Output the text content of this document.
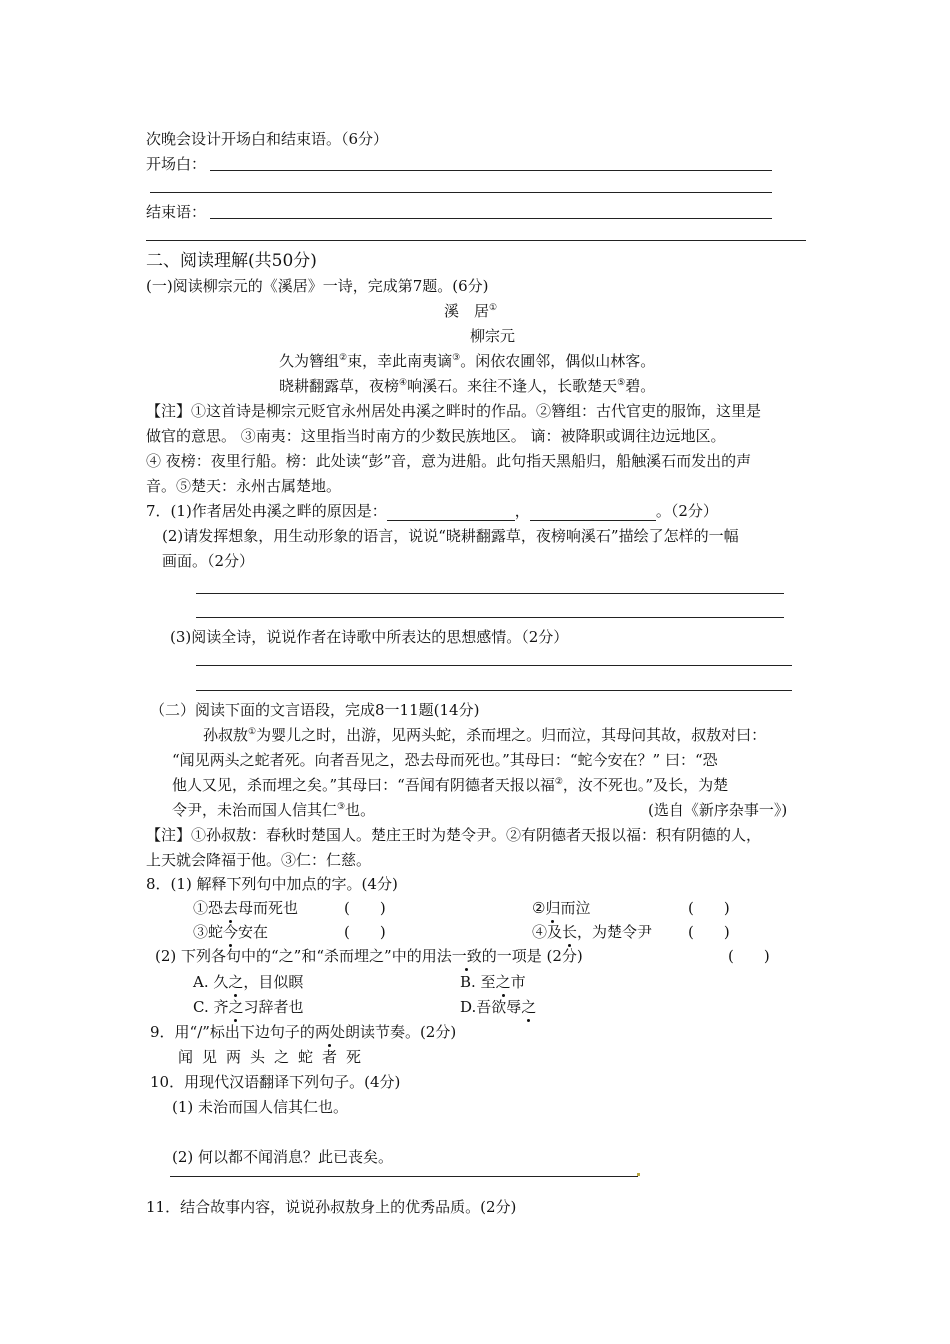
次晚会设计开场白和结束语。（6分）
开场白：
结束语：
二、阅读理解(共50分)
(一)阅读柳宗元的《溪居》一诗，完成第7题。(6分)
溪　居①
柳宗元
久为簪组②束，幸此南夷谪③。闲依农圃邻，偶似山林客。
晓耕翻露草，夜榜④响溪石。来往不逢人，长歌楚天⑤碧。
【注】①这首诗是柳宗元贬官永州居处冉溪之畔时的作品。②簪组：古代官吏的服饰，这里是
做官的意思。 ③南夷：这里指当时南方的少数民族地区。 谪：被降职或调往边远地区。
④ 夜榜：夜里行船。榜：此处读“彭”音，意为进船。此句指天黑船归，船触溪石而发出的声
音。⑤楚天：永州古属楚地。
7．(1)作者居处冉溪之畔的原因是：	，	。（2分）
(2)请发挥想象，用生动形象的语言，说说“晓耕翻露草，夜榜响溪石”描绘了怎样的一幅
画面。（2分）
(3)阅读全诗，说说作者在诗歌中所表达的思想感情。（2分）
（二）阅读下面的文言语段，完成8一11题(14分)
孙叔敖①为婴儿之时，出游，见两头蛇，杀而埋之。归而泣，其母问其故，叔敖对曰：
“闻见两头之蛇者死。向者吾见之，恐去母而死也。”其母曰：“蛇今安在？” 曰：“恐
他人又见，杀而埋之矣。”其母曰：“吾闻有阴德者天报以福②，汝不死也。”及长，为楚
令尹，未治而国人信其仁③也。	(选自《新序杂事一》)
【注】①孙叔敖：春秋时楚国人。楚庄王时为楚令尹。②有阴德者天报以福：积有阴德的人，
上天就会降福于他。③仁：仁慈。
8．(1) 解释下列句中加点的字。(4分)
①恐去母而死也	(　　)	②归而泣	(　　)
③蛇今安在	(　　)	④及长，为楚令尹 (　　)
(2) 下列各句中的“之”和“杀而埋之”中的用法一致的一项是 (2分)	(　　)
A. 久之，目似瞑	B. 至之市
C. 齐之习辞者也	D.吾欲辱之
9．用“/”标出下边句子的两处朗读节奏。(2分)
闻见两头之蛇者死
10．用现代汉语翻译下列句子。(4分)
(1) 未治而国人信其仁也。
(2) 何以都不闻消息？此已丧矣。
11．结合故事内容，说说孙叔敖身上的优秀品质。(2分)
